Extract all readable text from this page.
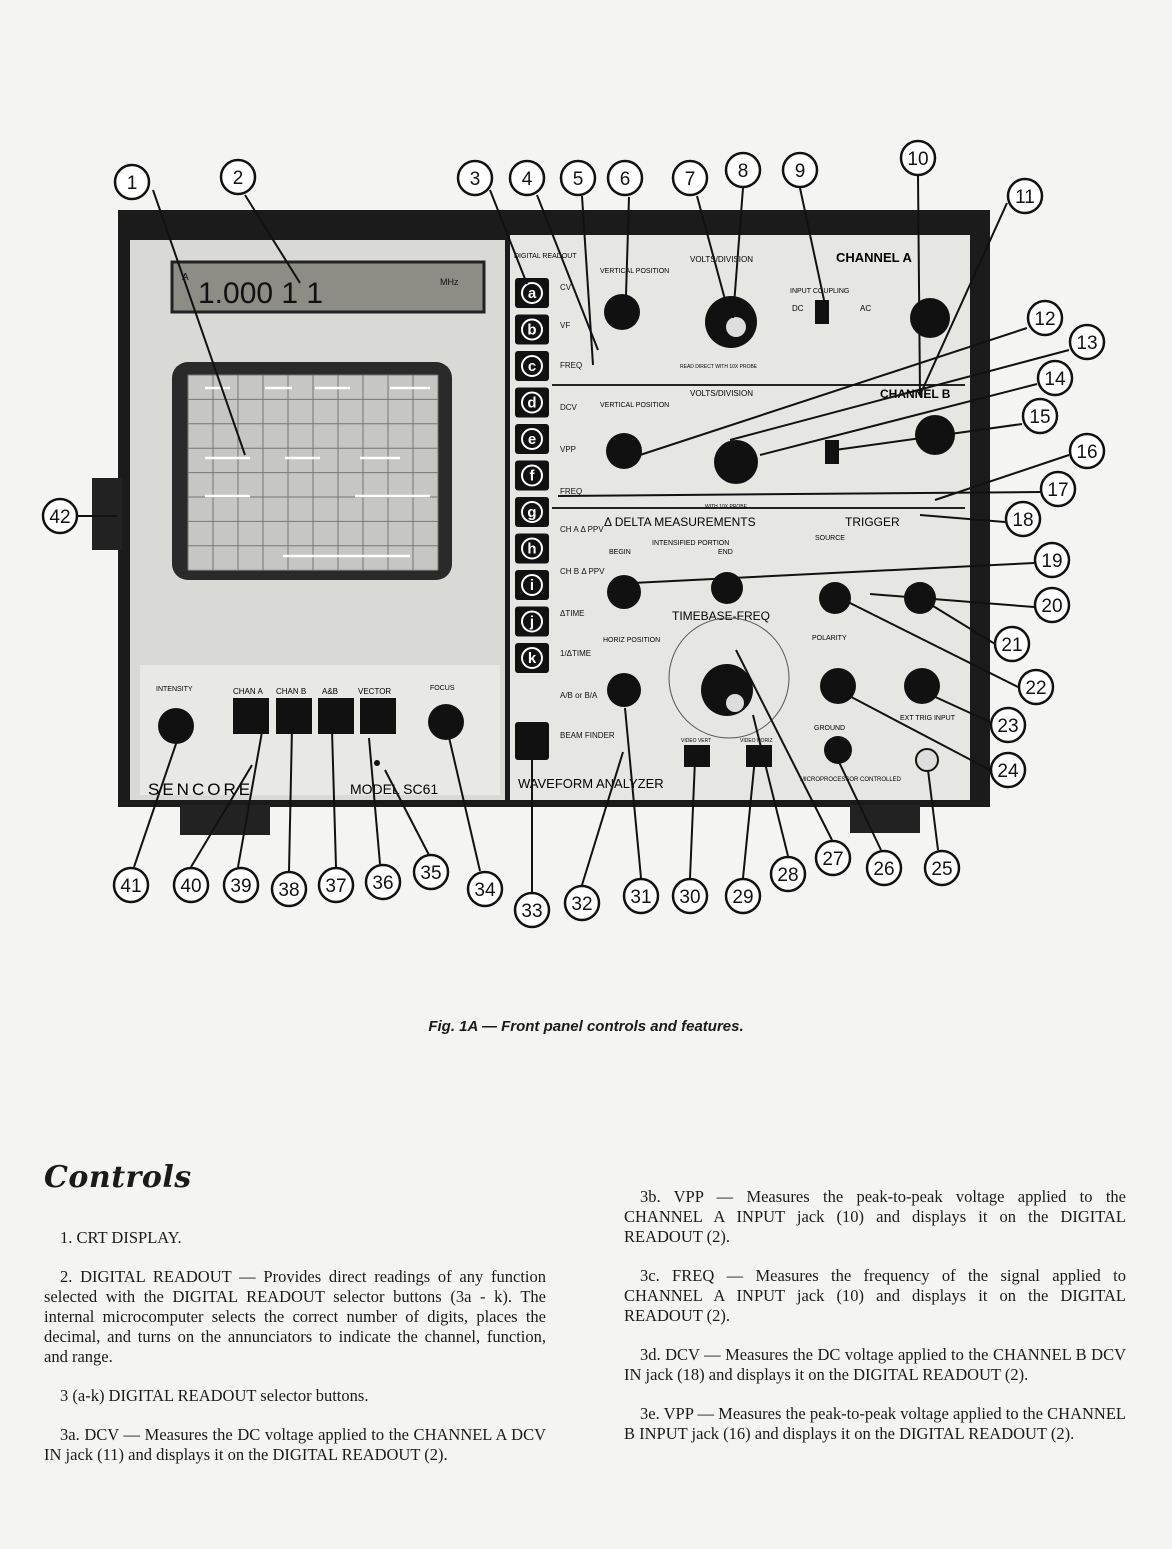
A 1.000 1 1	MHz
INTENSITY	FOCUS
CHAN A CHAN B A&B VECTOR
SENCORE	MODEL SC61
DIGITAL READOUT
a
b
c
d
e
f
g
h
i
j
k
CV
VF
FREQ
DCV
VPP
FREQ
CH A Δ PPV
CH B Δ PPV
ΔTIME
1/ΔTIME
A/B or B/A
BEAM FINDER
CHANNEL A
VOLTS/DIVISION
VERTICAL POSITION
INPUT COUPLING
DC	AC
READ DIRECT WITH 10X PROBE
CHANNEL B
VOLTS/DIVISION
VERTICAL POSITION
WITH 10X PROBE
Δ DELTA MEASUREMENTS	TRIGGER
SOURCE
INTENSIFIED PORTION
BEGIN	END
TIMEBASE-FREQ
HORIZ POSITION
VIDEO VERT	VIDEO HORIZ
WAVEFORM ANALYZER	MICROPROCESSOR CONTROLLED
POLARITY
GROUND
EXT TRIG INPUT
1	2	3 4 5 6	7 8 9
10
11
12
13
14
15
16
17
18
19
20
21
22
23
24
25
26
27
28
29
30
31
32
33
34
35
36
37
38
39
40
41
42
Fig. 1A — Front panel controls and features.
Controls

1. CRT DISPLAY.

2. DIGITAL READOUT — Provides direct readings of any function selected with the DIGITAL READOUT selector buttons (3a - k). The internal microcomputer selects the correct number of digits, places the decimal, and turns on the annunciators to indicate the channel, function, and range.

3 (a-k) DIGITAL READOUT selector buttons.

3a. DCV — Measures the DC voltage applied to the CHANNEL A DCV IN jack (11) and displays it on the DIGITAL READOUT (2).

3b. VPP — Measures the peak-to-peak voltage applied to the CHANNEL A INPUT jack (10) and displays it on the DIGITAL READOUT (2).

3c. FREQ — Measures the frequency of the signal applied to CHANNEL A INPUT jack (10) and displays it on the DIGITAL READOUT (2).

3d. DCV — Measures the DC voltage applied to the CHANNEL B DCV IN jack (18) and displays it on the DIGITAL READOUT (2).

3e. VPP — Measures the peak-to-peak voltage applied to the CHANNEL B INPUT jack (16) and displays it on the DIGITAL READOUT (2).
